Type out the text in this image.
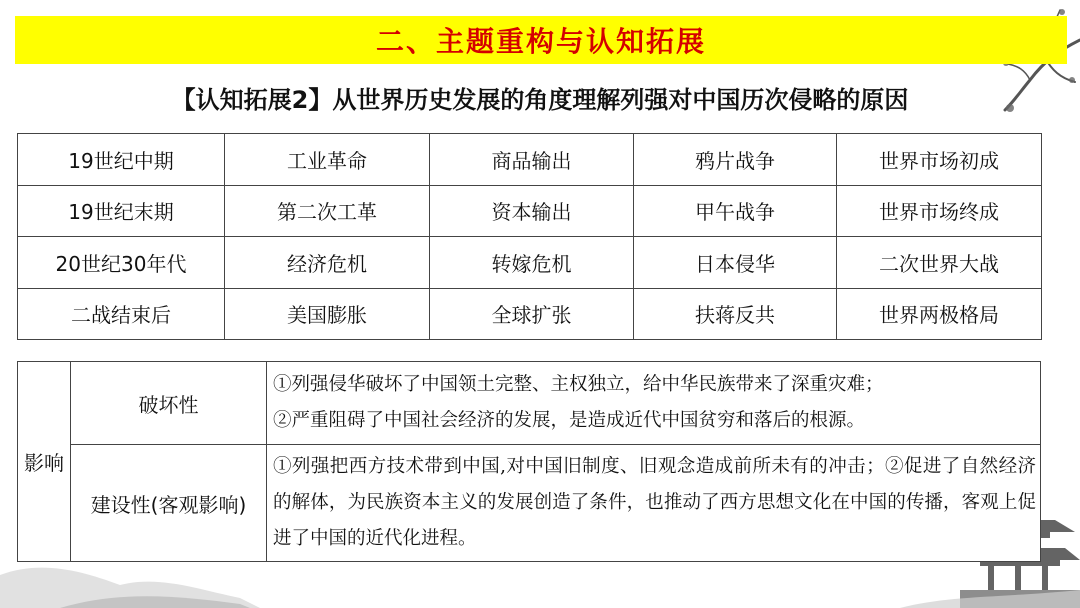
二、主题重构与认知拓展
【认知拓展2】从世界历史发展的角度理解列强对中国历次侵略的原因
19世纪中期	工业革命	商品输出	鸦片战争	世界市场初成
19世纪末期	第二次工革	资本输出	甲午战争	世界市场终成
20世纪30年代	经济危机	转嫁危机	日本侵华	二次世界大战
二战结束后	美国膨胀	全球扩张	扶蒋反共	世界两极格局
影响	破坏性	①列强侵华破坏了中国领土完整、主权独立，给中华民族带来了深重灾难；

②严重阻碍了中国社会经济的发展，是造成近代中国贫穷和落后的根源。

	建设性(客观影响)	①列强把西方技术带到中国,对中国旧制度、旧观念造成前所未有的冲击；②促进了自然经济的解体，为民族资本主义的发展创造了条件，也推动了西方思想文化在中国的传播，客观上促进了中国的近代化进程。
